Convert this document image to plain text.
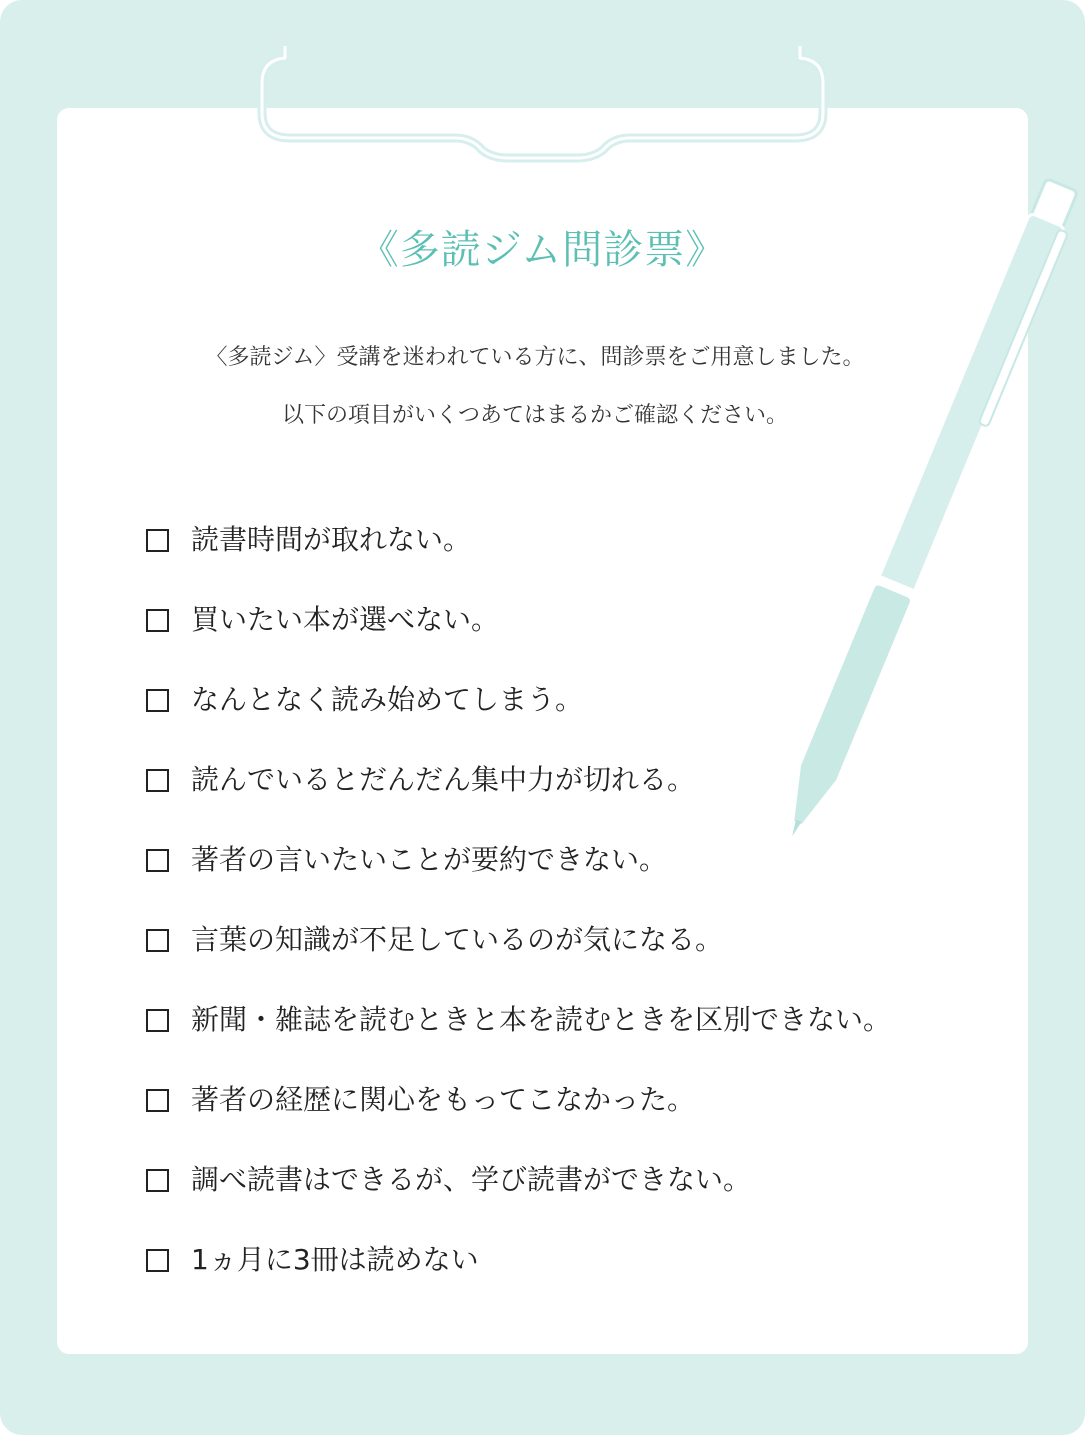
《多読ジム問診票》

〈多読ジム〉受講を迷われている方に、問診票をご用意しました。

以下の項目がいくつあてはまるかご確認ください。

読書時間が取れない。
買いたい本が選べない。
なんとなく読み始めてしまう。
読んでいるとだんだん集中力が切れる。
著者の言いたいことが要約できない。
言葉の知識が不足しているのが気になる。
新聞・雑誌を読むときと本を読むときを区別できない。
著者の経歴に関心をもってこなかった。
調べ読書はできるが、学び読書ができない。
1ヵ月に3冊は読めない
